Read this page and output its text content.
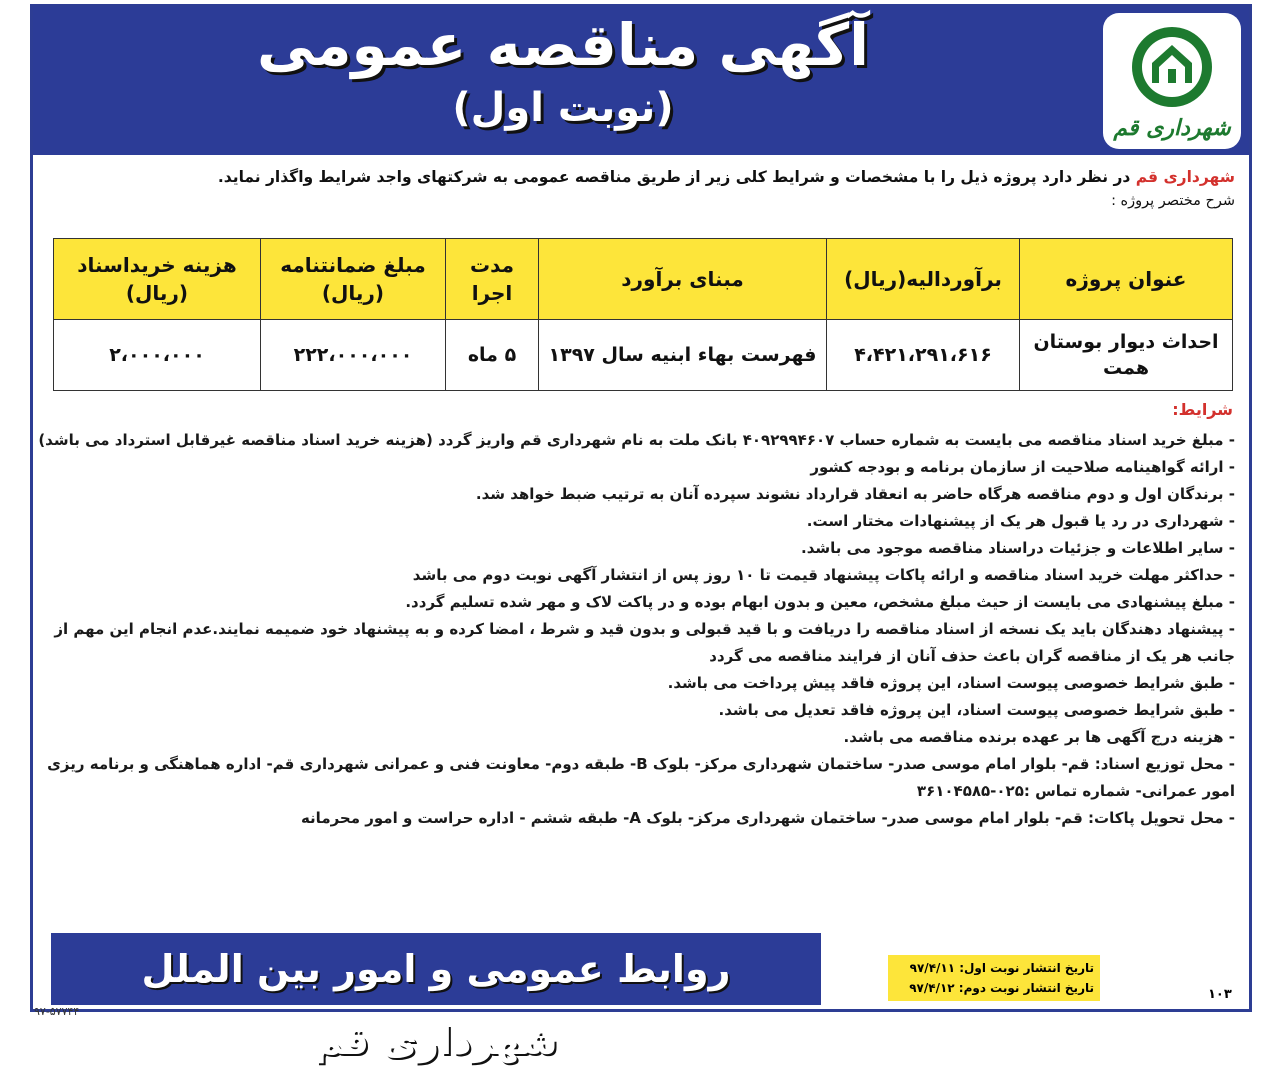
آگهی مناقصه عمومی
(نوبت اول)	شهرداری قم
شهرداری قم در نظر دارد پروژه ذیل را با مشخصات و شرایط کلی زیر از طریق مناقصه عمومی به شرکتهای واجد شرایط واگذار نماید.
شرح مختصر پروژه :
عنوان پروژه	برآوردالیه(ریال)	مبنای برآورد	مدت اجرا	مبلغ ضمانتنامه (ریال)	هزینه خریداسناد (ریال)
احداث دیوار بوستان همت	۴،۴۲۱،۲۹۱،۶۱۶	فهرست بهاء ابنیه سال ۱۳۹۷	۵ ماه	۲۲۲،۰۰۰،۰۰۰	۲،۰۰۰،۰۰۰
شرایط:
- مبلغ خرید اسناد مناقصه می بایست به شماره حساب ۴۰۹۲۹۹۴۶۰۷ بانک ملت به نام شهرداری قم واریز گردد (هزینه خرید اسناد مناقصه غیرقابل استرداد می باشد)
- ارائه گواهینامه صلاحیت از سازمان برنامه و بودجه کشور
- برندگان اول و دوم مناقصه هرگاه حاضر به انعقاد قرارداد نشوند سپرده آنان به ترتیب ضبط خواهد شد.
- شهرداری در رد یا قبول هر یک از پیشنهادات مختار است.
- سایر اطلاعات و جزئیات دراسناد مناقصه موجود می باشد.
- حداکثر مهلت خرید اسناد مناقصه و ارائه پاکات پیشنهاد قیمت تا ۱۰ روز پس از انتشار آگهی نوبت دوم می باشد
- مبلغ پیشنهادی می بایست از حیث مبلغ مشخص، معین و بدون ابهام بوده و در پاکت لاک و مهر شده تسلیم گردد.
- پیشنهاد دهندگان باید یک نسخه از اسناد مناقصه را دریافت و با قید قبولی و بدون قید و شرط ، امضا کرده و به پیشنهاد خود ضمیمه نمایند.عدم انجام این مهم از
جانب هر یک از مناقصه گران باعث حذف آنان از فرایند مناقصه می گردد
- طبق شرایط خصوصی پیوست اسناد، این پروژه فاقد پیش پرداخت می باشد.
- طبق شرایط خصوصی پیوست اسناد، این پروژه فاقد تعدیل می باشد.
- هزینه درج آگهی ها بر عهده برنده مناقصه می باشد.
- محل توزیع اسناد: قم- بلوار امام موسی صدر- ساختمان شهرداری مرکز- بلوک B- طبقه دوم- معاونت فنی و عمرانی شهرداری قم- اداره هماهنگی و برنامه ریزی
امور عمرانی- شماره تماس :۰۲۵-۳۶۱۰۴۵۸۵
- محل تحویل پاکات: قم- بلوار امام موسی صدر- ساختمان شهرداری مرکز- بلوک A- طبقه ششم - اداره حراست و امور محرمانه
روابط عمومی و امور بین الملل شهرداری قم
تاریخ انتشار نوبت اول: ۹۷/۴/۱۱
تاریخ انتشار نوبت دوم: ۹۷/۴/۱۲	۱۰۳
۹۷-۵۷۷۴۴
